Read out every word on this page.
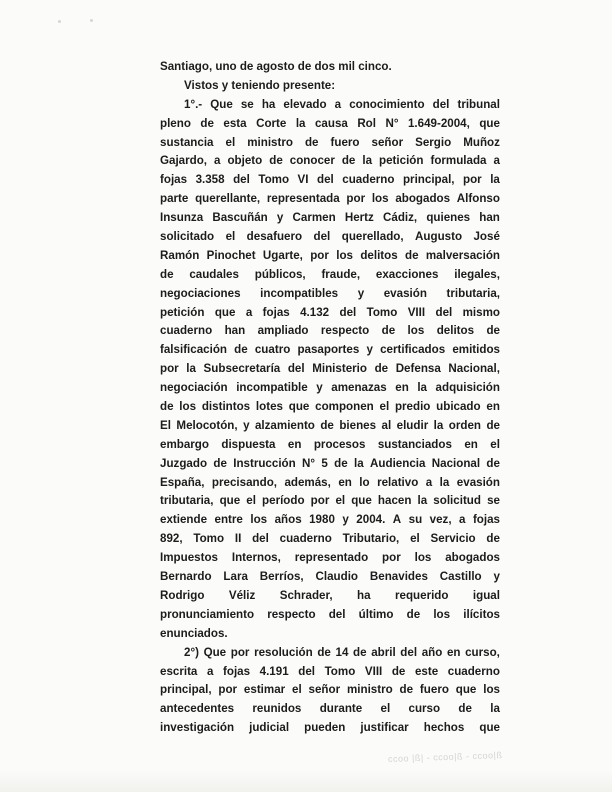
Santiago, uno de agosto de dos mil cinco.
Vistos y teniendo presente:
1°.- Que se ha elevado a conocimiento del tribunal
pleno de esta Corte la causa Rol N° 1.649-2004, que
sustancia el ministro de fuero señor Sergio Muñoz
Gajardo, a objeto de conocer de la petición formulada a
fojas 3.358 del Tomo VI del cuaderno principal, por la
parte querellante, representada por los abogados Alfonso
Insunza Bascuñán y Carmen Hertz Cádiz, quienes han
solicitado el desafuero del querellado, Augusto José
Ramón Pinochet Ugarte, por los delitos de malversación
de caudales públicos, fraude, exacciones ilegales,
negociaciones incompatibles y evasión tributaria,
petición que a fojas 4.132 del Tomo VIII del mismo
cuaderno han ampliado respecto de los delitos de
falsificación de cuatro pasaportes y certificados emitidos
por la Subsecretaría del Ministerio de Defensa Nacional,
negociación incompatible y amenazas en la adquisición
de los distintos lotes que componen el predio ubicado en
El Melocotón, y alzamiento de bienes al eludir la orden de
embargo dispuesta en procesos sustanciados en el
Juzgado de Instrucción N° 5 de la Audiencia Nacional de
España, precisando, además, en lo relativo a la evasión
tributaria, que el período por el que hacen la solicitud se
extiende entre los años 1980 y 2004. A su vez, a fojas
892, Tomo II del cuaderno Tributario, el Servicio de
Impuestos Internos, representado por los abogados
Bernardo Lara Berríos, Claudio Benavides Castillo y
Rodrigo Véliz Schrader, ha requerido igual
pronunciamiento respecto del último de los ilícitos
enunciados.
2°) Que por resolución de 14 de abril del año en curso,
escrita a fojas 4.191 del Tomo VIII de este cuaderno
principal, por estimar el señor ministro de fuero que los
antecedentes reunidos durante el curso de la
investigación judicial pueden justificar hechos que
ccoo |ß| - ccoo|ß - ccoo|ß
